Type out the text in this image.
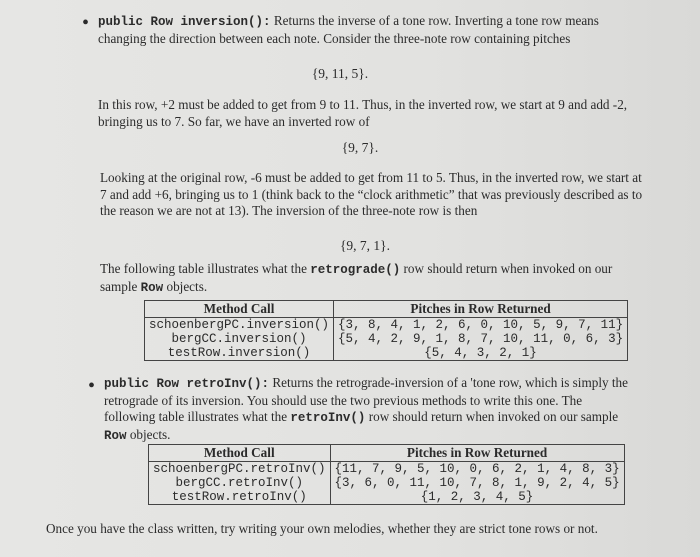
• public Row inversion(): Returns the inverse of a tone row. Inverting a tone row means changing the direction between each note. Consider the three-note row containing pitches

{9, 11, 5}.

In this row, +2 must be added to get from 9 to 11. Thus, in the inverted row, we start at 9 and add -2, bringing us to 7. So far, we have an inverted row of

{9, 7}.

Looking at the original row, -6 must be added to get from 11 to 5. Thus, in the inverted row, we start at 7 and add +6, bringing us to 1 (think back to the “clock arithmetic” that was previously described as to the reason we are not at 13). The inversion of the three-note row is then

{9, 7, 1}.

The following table illustrates what the retrograde() row should return when invoked on our sample Row objects.

Method Call	Pitches in Row Returned
schoenbergPC.inversion()	{3, 8, 4, 1, 2, 6, 0, 10, 5, 9, 7, 11}
bergCC.inversion()	{5, 4, 2, 9, 1, 8, 7, 10, 11, 0, 6, 3}
testRow.inversion()	{5, 4, 3, 2, 1}
• public Row retroInv(): Returns the retrograde-inversion of a 'tone row, which is simply the retrograde of its inversion. You should use the two previous methods to write this one. The following table illustrates what the retroInv() row should return when invoked on our sample Row objects.

Method Call	Pitches in Row Returned
schoenbergPC.retroInv()	{11, 7, 9, 5, 10, 0, 6, 2, 1, 4, 8, 3}
bergCC.retroInv()	{3, 6, 0, 11, 10, 7, 8, 1, 9, 2, 4, 5}
testRow.retroInv()	{1, 2, 3, 4, 5}

Once you have the class written, try writing your own melodies, whether they are strict tone rows or not.
